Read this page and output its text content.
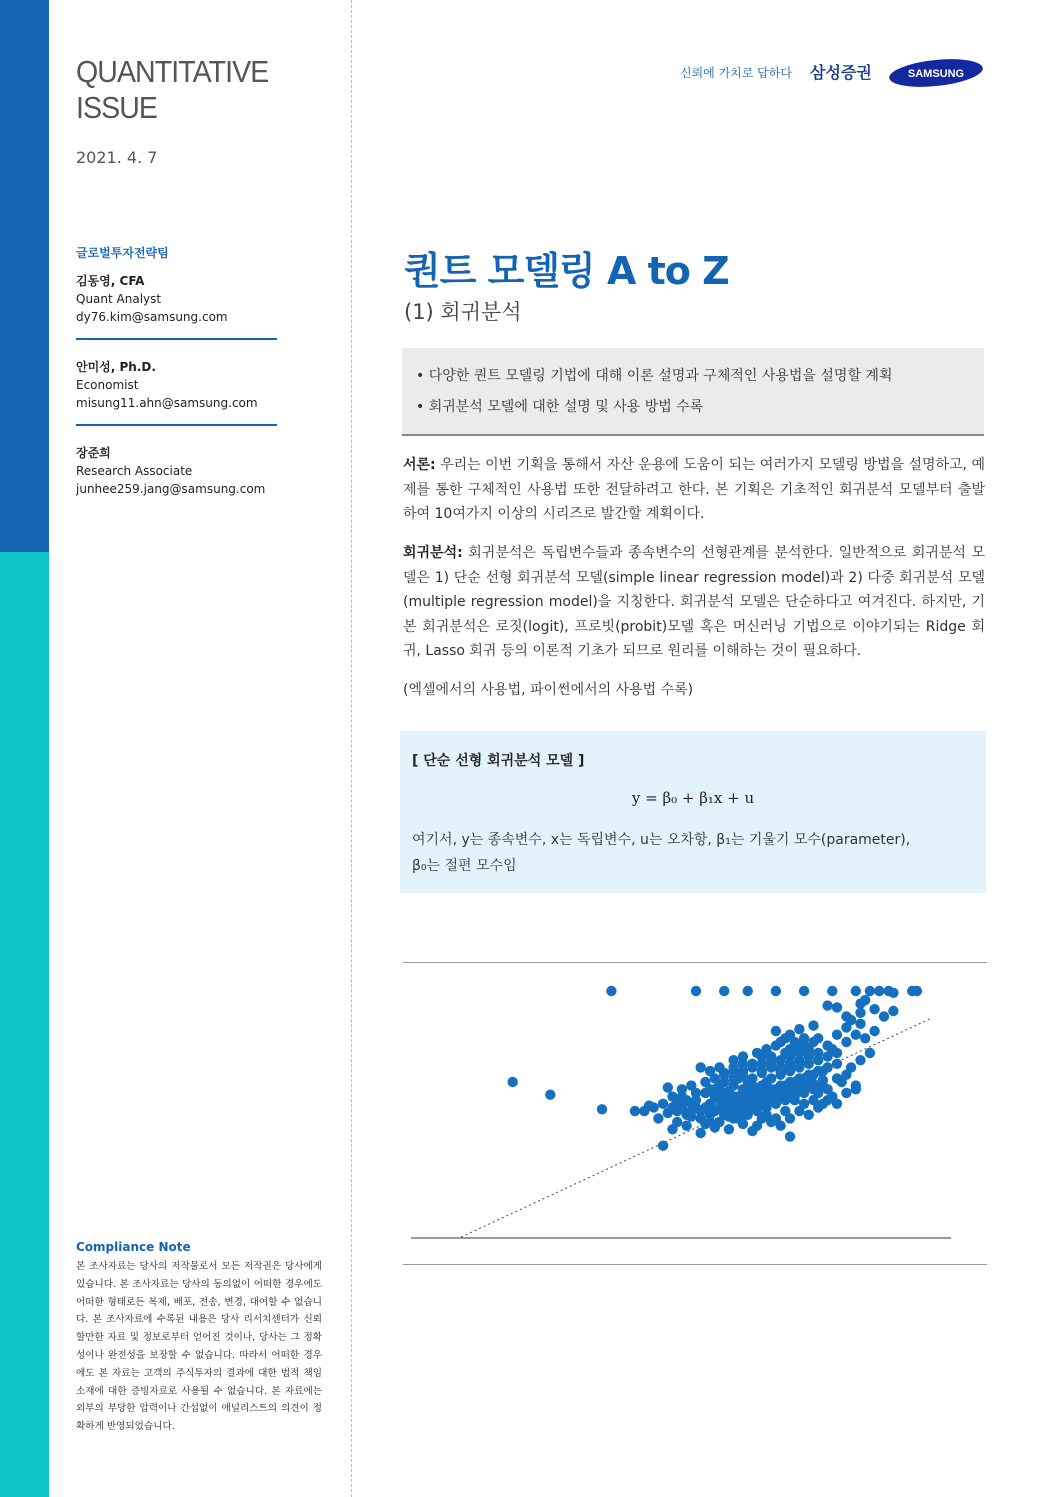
QUANTITATIVE
ISSUE
2021. 4. 7
글로벌투자전략팀
김동영, CFA
Quant Analyst
dy76.kim@samsung.com
안미성, Ph.D.
Economist
misung11.ahn@samsung.com
장준희
Research Associate
junhee259.jang@samsung.com
Compliance Note
본 조사자료는 당사의 저작물로서 모든 저작권은 당사에게 있습니다. 본 조사자료는 당사의 동의없이 어떠한 경우에도 어떠한 형태로든 복제, 배포, 전송, 변경, 대여할 수 없습니다. 본 조사자료에 수록된 내용은 당사 리서치센터가 신뢰할만한 자료 및 정보로부터 얻어진 것이나, 당사는 그 정확성이나 완전성을 보장할 수 없습니다. 따라서 어떠한 경우에도 본 자료는 고객의 주식투자의 결과에 대한 법적 책임소재에 대한 증빙자료로 사용될 수 없습니다. 본 자료에는 외부의 부당한 압력이나 간섭없이 애널리스트의 의견이 정확하게 반영되었습니다.
신뢰에 가치로 답하다 삼성증권	SAMSUNG
퀀트 모델링 A to Z
(1) 회귀분석
• 다양한 퀀트 모델링 기법에 대해 이론 설명과 구체적인 사용법을 설명할 계획
• 회귀분석 모델에 대한 설명 및 사용 방법 수록
서론: 우리는 이번 기획을 통해서 자산 운용에 도움이 되는 여러가지 모델링 방법을 설명하고, 예제를 통한 구체적인 사용법 또한 전달하려고 한다. 본 기획은 기초적인 회귀분석 모델부터 출발하여 10여가지 이상의 시리즈로 발간할 계획이다.
회귀분석: 회귀분석은 독립변수들과 종속변수의 선형관계를 분석한다. 일반적으로 회귀분석 모델은 1) 단순 선형 회귀분석 모델(simple linear regression model)과 2) 다중 회귀분석 모델(multiple regression model)을 지칭한다. 회귀분석 모델은 단순하다고 여겨진다. 하지만, 기본 회귀분석은 로짓(logit), 프로빗(probit)모델 혹은 머신러닝 기법으로 이야기되는 Ridge 회귀, Lasso 회귀 등의 이론적 기초가 되므로 원리를 이해하는 것이 필요하다.
(엑셀에서의 사용법, 파이썬에서의 사용법 수록)
[ 단순 선형 회귀분석 모델 ]
y = β₀ + β₁x + u
여기서, y는 종속변수, x는 독립변수, u는 오차항, β₁는 기울기 모수(parameter),
β₀는 절편 모수임
